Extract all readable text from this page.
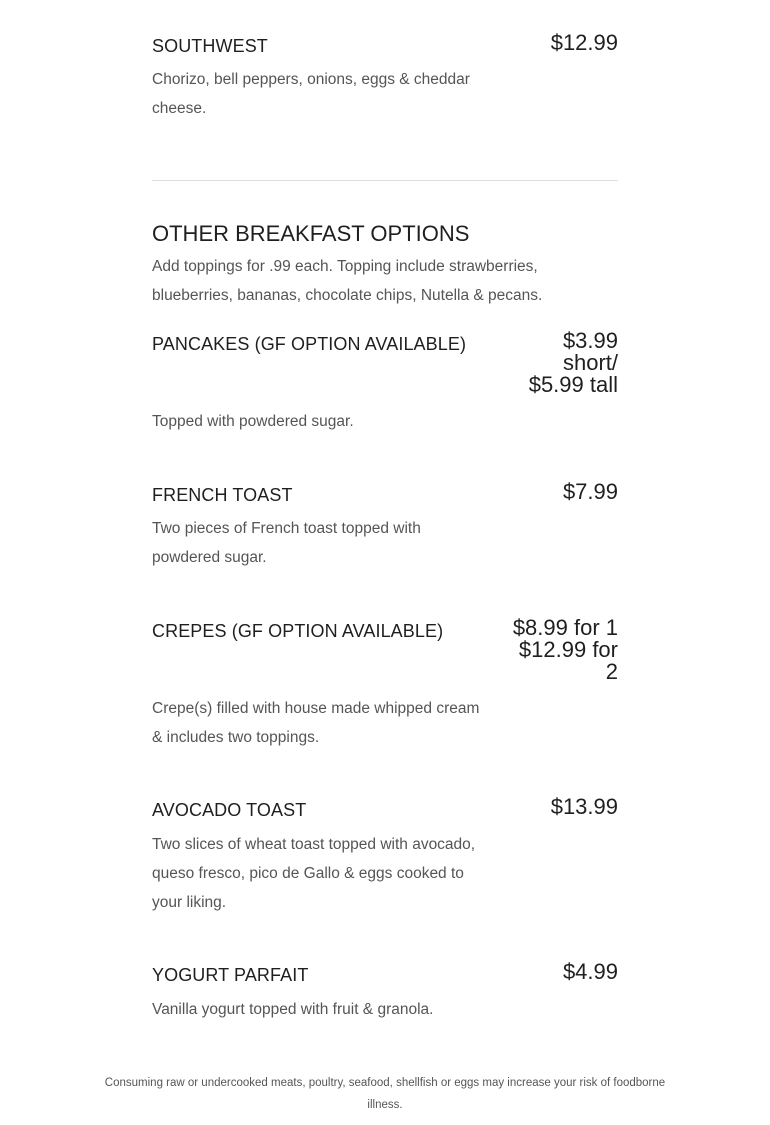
SOUTHWEST	$12.99
Chorizo, bell peppers, onions, eggs & cheddar cheese.
OTHER BREAKFAST OPTIONS
Add toppings for .99 each. Topping include strawberries, blueberries, bananas, chocolate chips, Nutella & pecans.
PANCAKES (GF OPTION AVAILABLE)	$3.99
short/
$5.99 tall
Topped with powdered sugar.
FRENCH TOAST	$7.99
Two pieces of French toast topped with powdered sugar.
CREPES (GF OPTION AVAILABLE)	$8.99 for 1
$12.99 for
2
Crepe(s) filled with house made whipped cream & includes two toppings.
AVOCADO TOAST	$13.99
Two slices of wheat toast topped with avocado, queso fresco, pico de Gallo & eggs cooked to your liking.
YOGURT PARFAIT	$4.99
Vanilla yogurt topped with fruit & granola.
Consuming raw or undercooked meats, poultry, seafood, shellfish or eggs may increase your risk of foodborne illness.
